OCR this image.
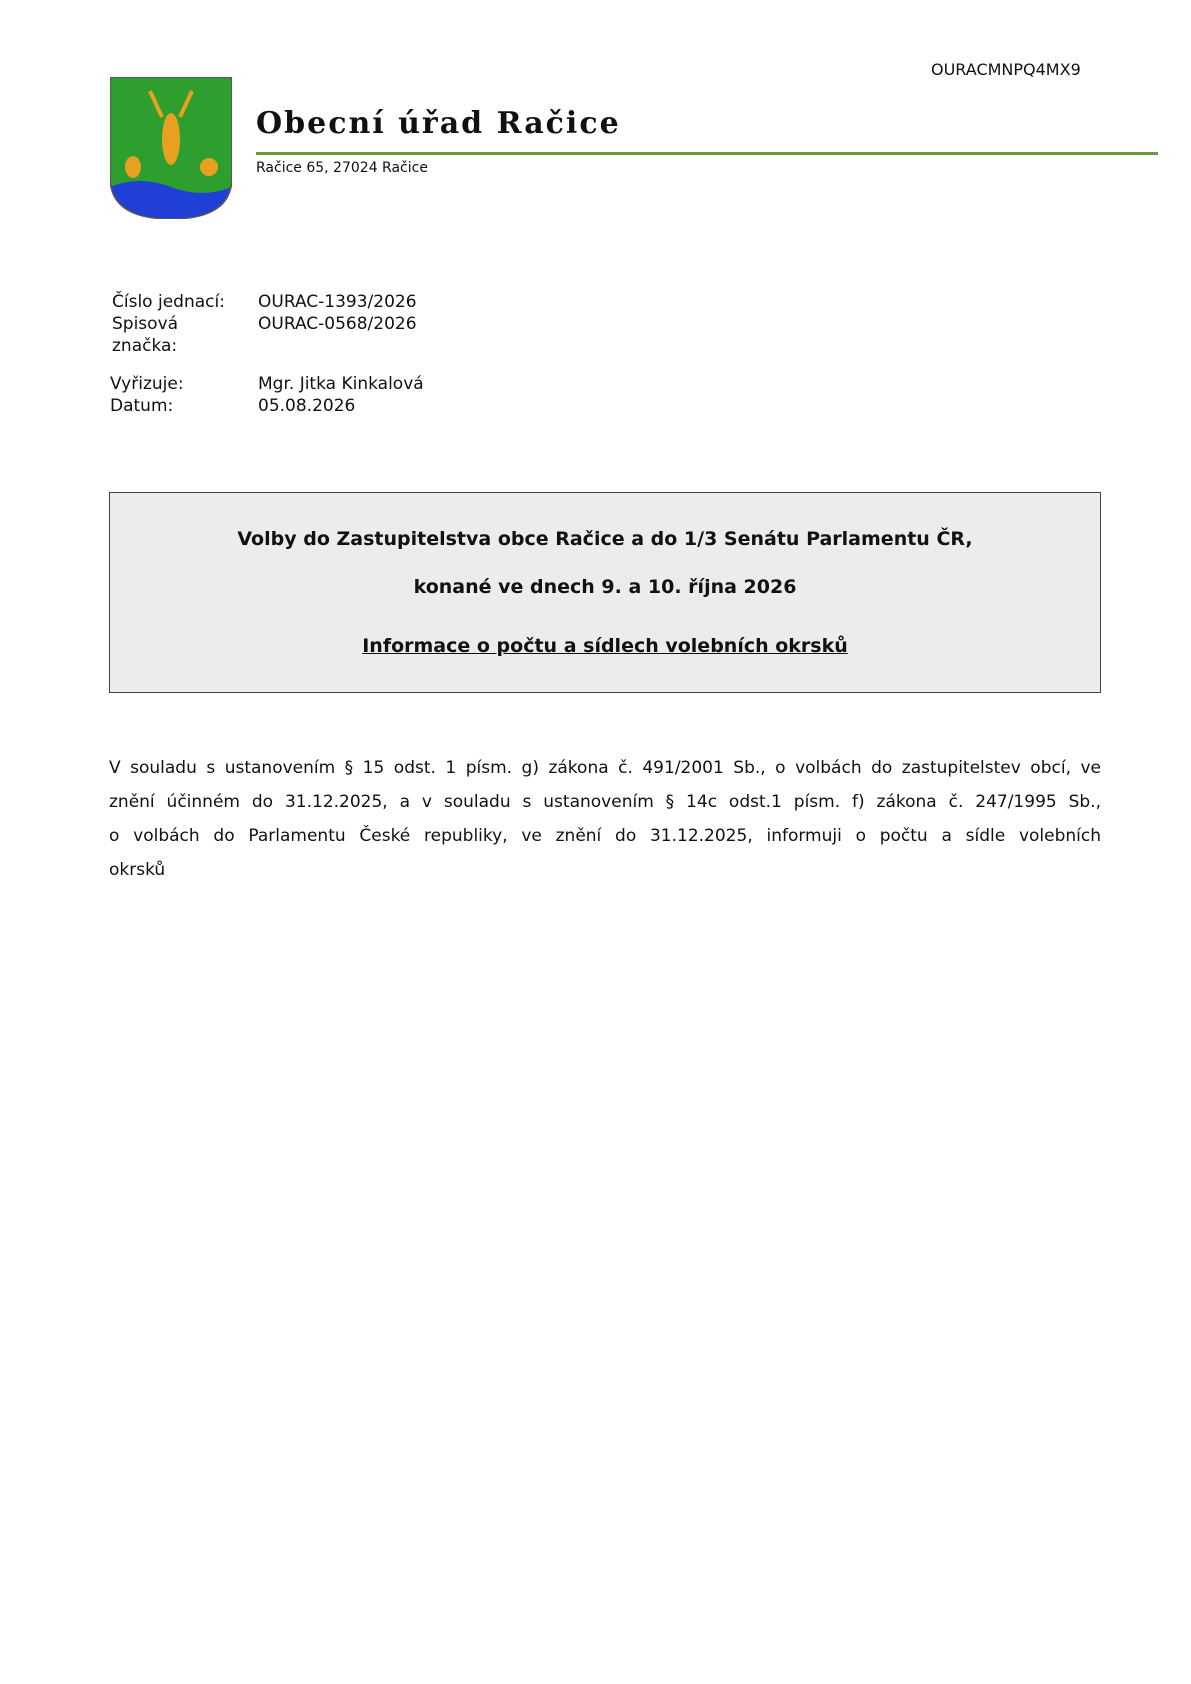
OURACMNPQ4MX9
Obecní úřad Račice
Račice 65, 27024 Račice
Číslo jednací: OURAC-1393/2026
Spisová
značka:
OURAC-0568/2026
Vyřizuje:	Mgr. Jitka Kinkalová
Datum:	05.08.2026
Volby do Zastupitelstva obce Račice a do 1/3 Senátu Parlamentu ČR,
konané ve dnech 9. a 10. října 2026
Informace o počtu a sídlech volebních okrsků
V souladu s ustanovením § 15 odst. 1 písm. g) zákona č. 491/2001 Sb., o volbách do zastupitelstev obcí, ve
znění účinném do 31.12.2025, a v souladu s ustanovením § 14c odst.1 písm. f) zákona č. 247/1995 Sb.,
o volbách do Parlamentu České republiky, ve znění do 31.12.2025, informuji o počtu a sídle volebních
okrsků
